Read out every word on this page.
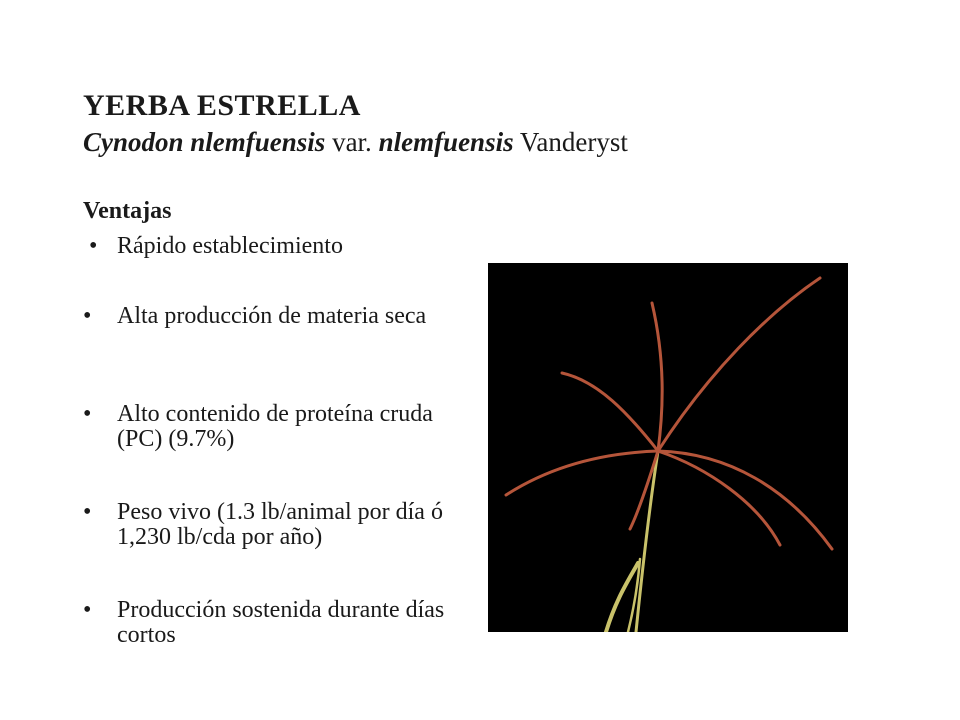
YERBA ESTRELLA
Cynodon nlemfuensis var. nlemfuensis Vanderyst
Ventajas
• Rápido establecimiento
• Alta producción de materia seca
• Alto contenido de proteína cruda (PC) (9.7%)
• Peso vivo (1.3 lb/animal por día ó 1,230 lb/cda por año)
• Producción sostenida durante días cortos
